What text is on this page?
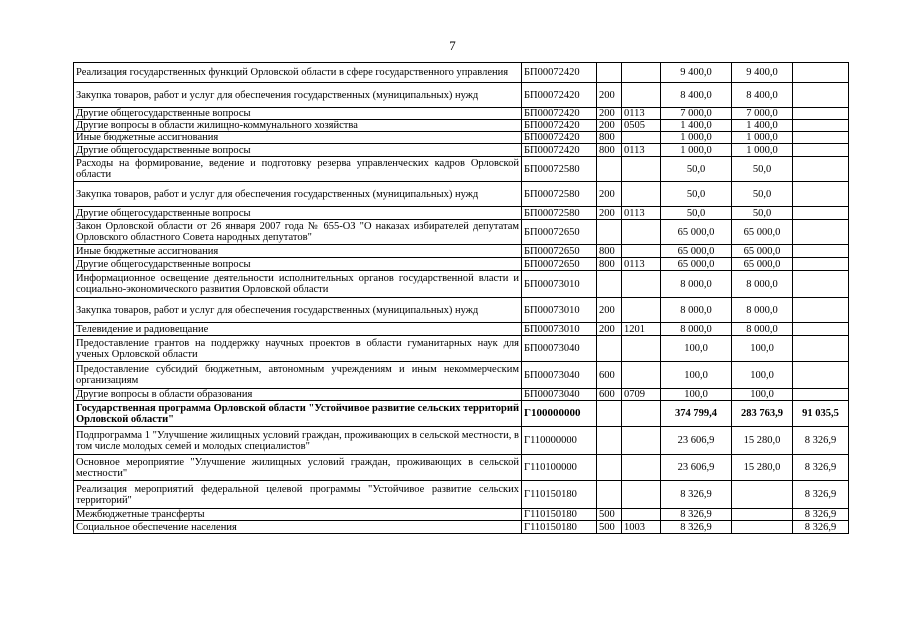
7
Реализация государственных функций Орловской области в сфере государственного управления	БП00072420			9 400,0	9 400,0	
Закупка товаров, работ и услуг для обеспечения государственных (муниципальных) нужд	БП00072420	200		8 400,0	8 400,0	
Другие общегосударственные вопросы	БП00072420	200	0113	7 000,0	7 000,0	
Другие вопросы в области жилищно-коммунального хозяйства	БП00072420	200	0505	1 400,0	1 400,0	
Иные бюджетные ассигнования	БП00072420	800		1 000,0	1 000,0	
Другие общегосударственные вопросы	БП00072420	800	0113	1 000,0	1 000,0	
Расходы на формирование, ведение и подготовку резерва управленческих кадров Орловской области	БП00072580			50,0	50,0	
Закупка товаров, работ и услуг для обеспечения государственных (муниципальных) нужд	БП00072580	200		50,0	50,0	
Другие общегосударственные вопросы	БП00072580	200	0113	50,0	50,0	
Закон Орловской области от 26 января 2007 года № 655-ОЗ "О наказах избирателей депутатам Орловского областного Совета народных депутатов"	БП00072650			65 000,0	65 000,0	
Иные бюджетные ассигнования	БП00072650	800		65 000,0	65 000,0	
Другие общегосударственные вопросы	БП00072650	800	0113	65 000,0	65 000,0	
Информационное освещение деятельности исполнительных органов государственной власти и социально-экономического развития Орловской области	БП00073010			8 000,0	8 000,0	
Закупка товаров, работ и услуг для обеспечения государственных (муниципальных) нужд	БП00073010	200		8 000,0	8 000,0	
Телевидение и радиовещание	БП00073010	200	1201	8 000,0	8 000,0	
Предоставление грантов на поддержку научных проектов в области гуманитарных наук для ученых Орловской области	БП00073040			100,0	100,0	
Предоставление субсидий бюджетным, автономным учреждениям и иным некоммерческим организациям	БП00073040	600		100,0	100,0	
Другие вопросы в области образования	БП00073040	600	0709	100,0	100,0	
Государственная программа Орловской области "Устойчивое развитие сельских территорий Орловской области"	Г100000000			374 799,4	283 763,9	91 035,5
Подпрограмма 1 "Улучшение жилищных условий граждан, проживающих в сельской местности, в том числе молодых семей и молодых специалистов"	Г110000000			23 606,9	15 280,0	8 326,9
Основное мероприятие "Улучшение жилищных условий граждан, проживающих в сельской местности"	Г110100000			23 606,9	15 280,0	8 326,9
Реализация мероприятий федеральной целевой программы "Устойчивое развитие сельских территорий"	Г110150180			8 326,9		8 326,9
Межбюджетные трансферты	Г110150180	500		8 326,9		8 326,9
Социальное обеспечение населения	Г110150180	500	1003	8 326,9		8 326,9
